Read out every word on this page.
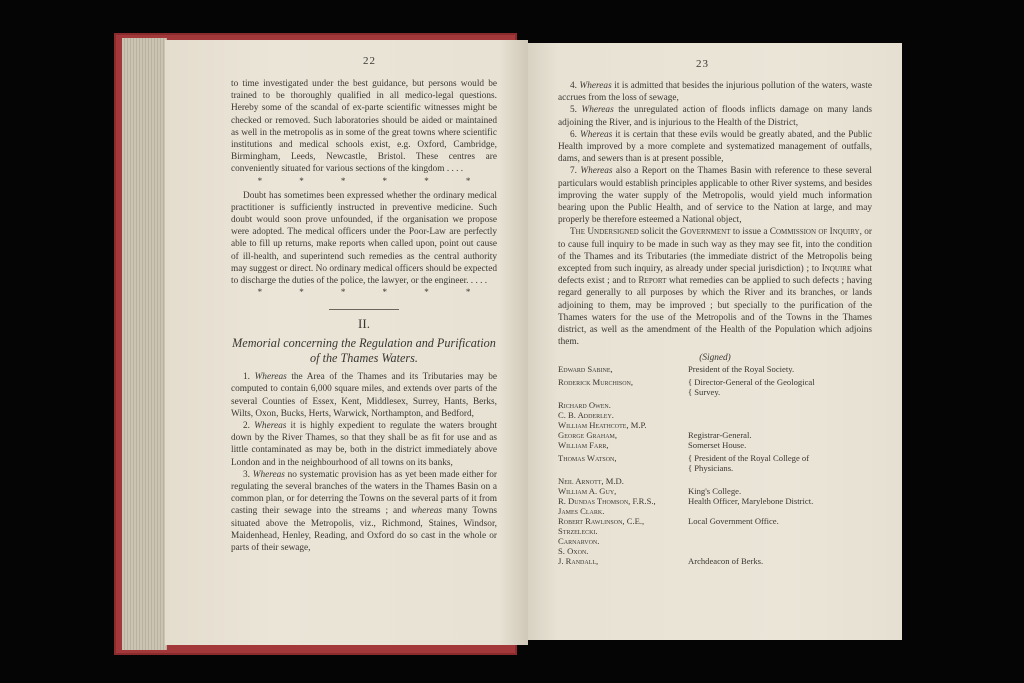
22

to time investigated under the best guidance, but persons would be trained to be thoroughly qualified in all medico-legal questions. Hereby some of the scandal of ex-parte scientific witnesses might be checked or removed. Such laboratories should be aided or maintained as well in the metropolis as in some of the great towns where scientific institutions and medical schools exist, e.g. Oxford, Cambridge, Birmingham, Leeds, Newcastle, Bristol. These centres are conveniently situated for various sections of the kingdom . . . .

*	*	*	*	*	*

Doubt has sometimes been expressed whether the ordinary medical practitioner is sufficiently instructed in preventive medicine. Such doubt would soon prove unfounded, if the organisation we propose were adopted. The medical officers under the Poor-Law are perfectly able to fill up returns, make reports when called upon, point out cause of ill-health, and superintend such remedies as the central authority may suggest or direct. No ordinary medical officers should be expected to discharge the duties of the police, the lawyer, or the engineer. . . . .

*	*	*	*	*	*
II.
Memorial concerning the Regulation and Purification
of the Thames Waters.

1. Whereas the Area of the Thames and its Tributaries may be computed to contain 6,000 square miles, and extends over parts of the several Counties of Essex, Kent, Middlesex, Surrey, Hants, Berks, Wilts, Oxon, Bucks, Herts, Warwick, Northampton, and Bedford,

2. Whereas it is highly expedient to regulate the waters brought down by the River Thames, so that they shall be as fit for use and as little contaminated as may be, both in the district immediately above London and in the neighbourhood of all towns on its banks,

3. Whereas no systematic provision has as yet been made either for regulating the several branches of the waters in the Thames Basin on a common plan, or for deterring the Towns on the several parts of it from casting their sewage into the streams ; and whereas many Towns situated above the Metropolis, viz., Richmond, Staines, Windsor, Maidenhead, Henley, Reading, and Oxford do so cast in the whole or parts of their sewage,

23

4. Whereas it is admitted that besides the injurious pollution of the waters, waste accrues from the loss of sewage,

5. Whereas the unregulated action of floods inflicts damage on many lands adjoining the River, and is injurious to the Health of the District,

6. Whereas it is certain that these evils would be greatly abated, and the Public Health improved by a more complete and systematized management of outfalls, dams, and sewers than is at present possible,

7. Whereas also a Report on the Thames Basin with reference to these several particulars would establish principles applicable to other River systems, and besides improving the water supply of the Metropolis, would yield much information bearing upon the Public Health, and of service to the Nation at large, and may properly be therefore esteemed a National object,

The Undersigned solicit the Government to issue a Commission of Inquiry, or to cause full inquiry to be made in such way as they may see fit, into the condition of the Thames and its Tributaries (the immediate district of the Metropolis being excepted from such inquiry, as already under special jurisdiction) ; to Inquire what defects exist ; and to Report what remedies can be applied to such defects ; having regard generally to all purposes by which the River and its branches, or lands adjoining to them, may be improved ; but specially to the purification of the Thames waters for the use of the Metropolis and of the Towns in the Thames district, as well as the amendment of the Health of the Population which adjoins them.

(Signed)

Edward Sabine,	President of the Royal Society.
Roderick Murchison,	{ Director-General of the Geological
{ Survey.
Richard Owen.
C. B. Adderley.
William Heathcote, M.P.
George Graham,	Registrar-General.
William Farr,	Somerset House.
Thomas Watson,	{ President of the Royal College of
{ Physicians.
Neil Arnott, M.D.
William A. Guy,	King's College.
R. Dundas Thomson, F.R.S.,	Health Officer, Marylebone District.
James Clark.
Robert Rawlinson, C.E.,	Local Government Office.
Strzelecki.
Carnarvon.
S. Oxon.
J. Randall,	Archdeacon of Berks.
